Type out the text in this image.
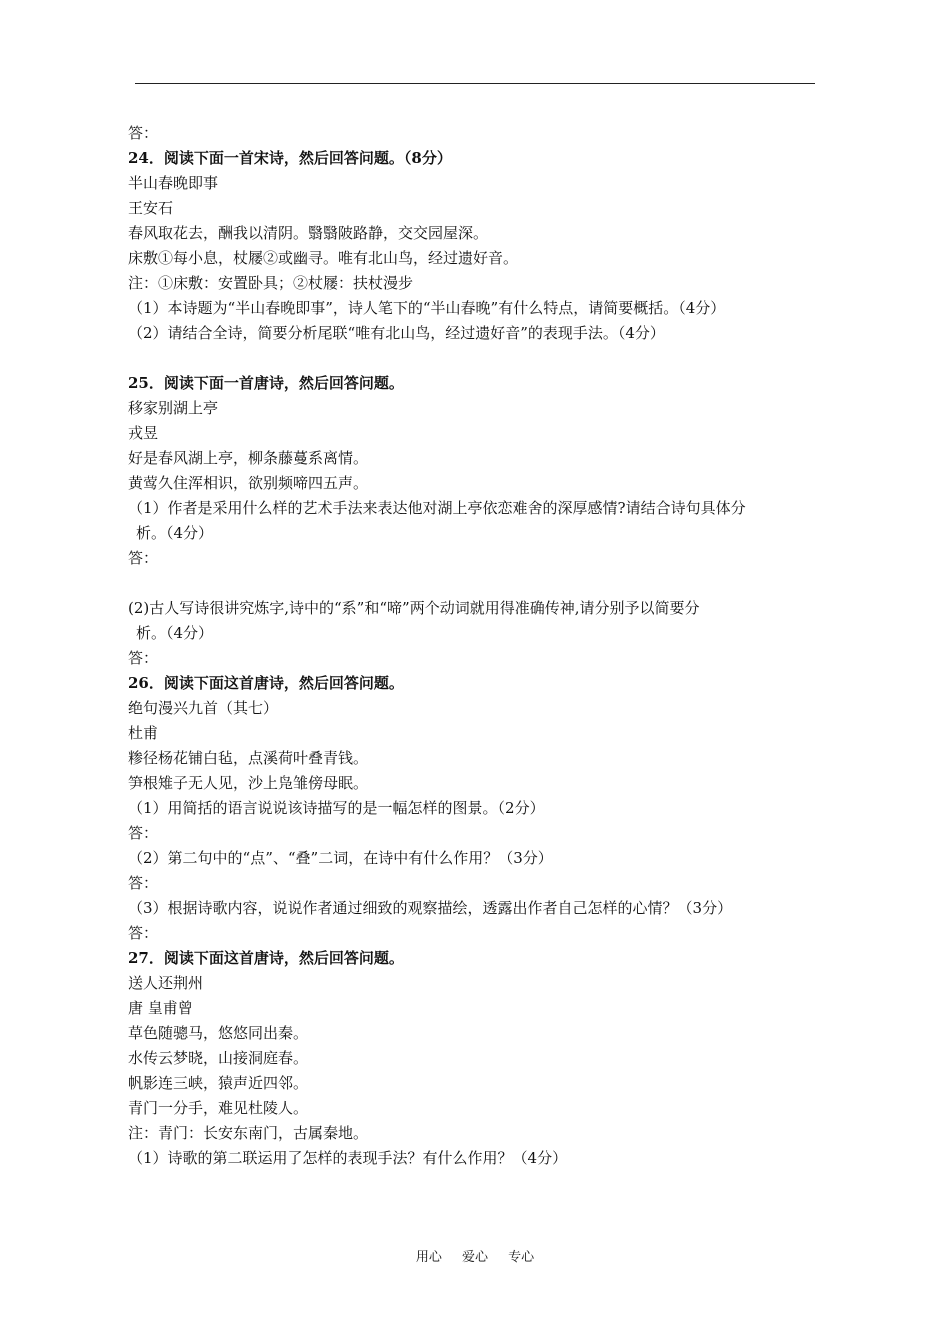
答：
24．阅读下面一首宋诗，然后回答问题。（8分）
半山春晚即事
王安石
春风取花去，酬我以清阴。翳翳陂路静，交交园屋深。
床敷①每小息，杖屦②或幽寻。唯有北山鸟，经过遗好音。
注：①床敷：安置卧具；②杖屦：扶杖漫步
（1）本诗题为“半山春晚即事”，诗人笔下的“半山春晚”有什么特点，请简要概括。（4分）
（2）请结合全诗，简要分析尾联“唯有北山鸟，经过遗好音”的表现手法。（4分）
25．阅读下面一首唐诗，然后回答问题。
移家别湖上亭
戎昱
好是春风湖上亭，柳条藤蔓系离情。
黄莺久住浑相识，欲别频啼四五声。
（1）作者是采用什么样的艺术手法来表达他对湖上亭依恋难舍的深厚感情?请结合诗句具体分
析。（4分）
答：
(2)古人写诗很讲究炼字,诗中的“系”和“啼”两个动词就用得准确传神,请分别予以简要分
析。（4分）
答：
26．阅读下面这首唐诗，然后回答问题。
绝句漫兴九首（其七）
杜甫
糁径杨花铺白毡，点溪荷叶叠青钱。
笋根雉子无人见，沙上凫雏傍母眠。
（1）用简括的语言说说该诗描写的是一幅怎样的图景。（2分）
答：
（2）第二句中的“点”、“叠”二词，在诗中有什么作用？（3分）
答：
（3）根据诗歌内容，说说作者通过细致的观察描绘，透露出作者自己怎样的心情？（3分）
答：
27．阅读下面这首唐诗，然后回答问题。
送人还荆州
唐 皇甫曾
草色随骢马，悠悠同出秦。
水传云梦晓，山接洞庭春。
帆影连三峡，猿声近四邻。
青门一分手，难见杜陵人。
注：青门：长安东南门，古属秦地。
（1）诗歌的第二联运用了怎样的表现手法？有什么作用？（4分）
用心 爱心 专心
